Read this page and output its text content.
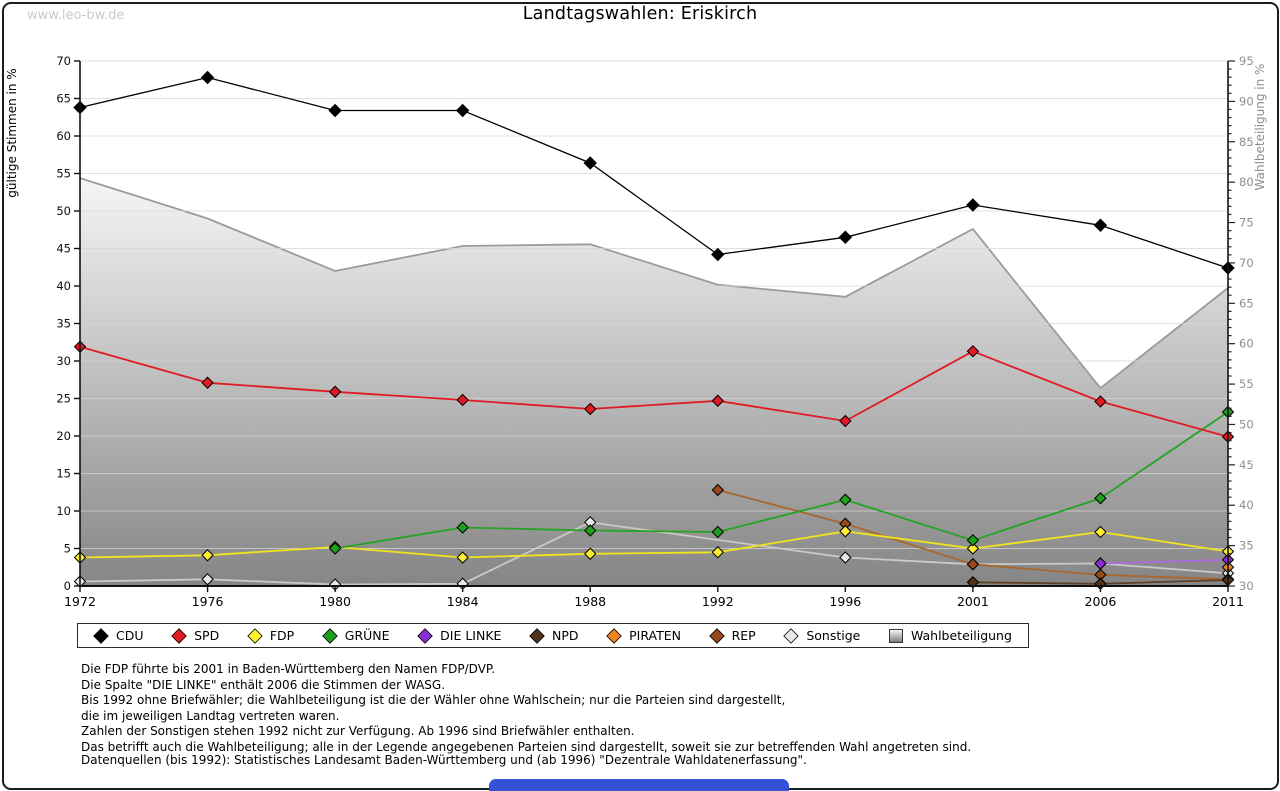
www.leo-bw.de	Landtagswahlen: Eriskirch
0
5
10
15
20
25
30
35
40
45
50
55
60
65
70
30
35
40
45
50
55
60
65
70
75
80
85
90
95
1972	1976	1980	1984	1988	1992	1996	2001	2006	2011
gültige Stimmen in %	Wahlbeteiligung in %
CDU	SPD	FDP	GRÜNE	DIE LINKE	NPD	PIRATEN	REP	Sonstige	Wahlbeteiligung
Die FDP führte bis 2001 in Baden-Württemberg den Namen FDP/DVP.
Die Spalte "DIE LINKE" enthält 2006 die Stimmen der WASG.
Bis 1992 ohne Briefwähler; die Wahlbeteiligung ist die der Wähler ohne Wahlschein; nur die Parteien sind dargestellt,
die im jeweiligen Landtag vertreten waren.
Zahlen der Sonstigen stehen 1992 nicht zur Verfügung. Ab 1996 sind Briefwähler enthalten.
Das betrifft auch die Wahlbeteiligung; alle in der Legende angegebenen Parteien sind dargestellt, soweit sie zur betreffenden Wahl angetreten sind.
Datenquellen (bis 1992): Statistisches Landesamt Baden-Württemberg und (ab 1996) "Dezentrale Wahldatenerfassung".
